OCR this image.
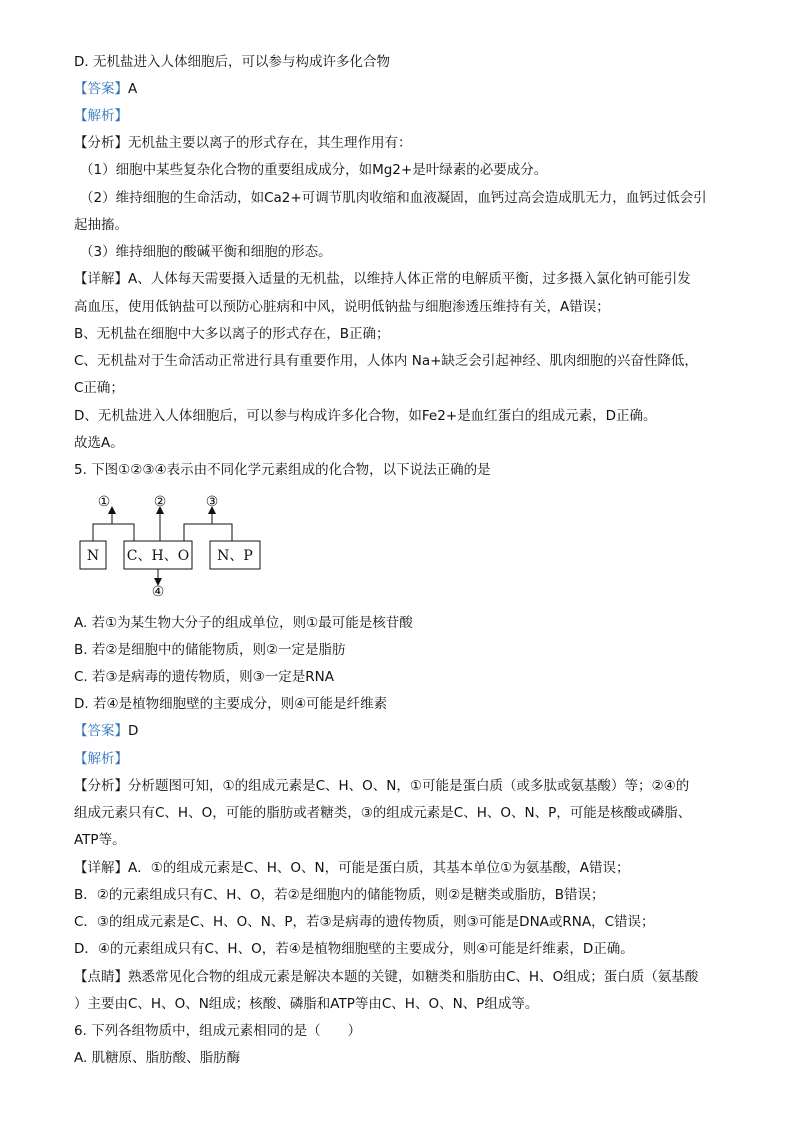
D. 无机盐进入人体细胞后，可以参与构成许多化合物
【答案】A
【解析】
【分析】无机盐主要以离子的形式存在，其生理作用有：
（1）细胞中某些复杂化合物的重要组成成分，如Mg2+是叶绿素的必要成分。
（2）维持细胞的生命活动，如Ca2+可调节肌肉收缩和血液凝固，血钙过高会造成肌无力，血钙过低会引
起抽搐。
（3）维持细胞的酸碱平衡和细胞的形态。
【详解】A、人体每天需要摄入适量的无机盐，以维持人体正常的电解质平衡，过多摄入氯化钠可能引发
高血压，使用低钠盐可以预防心脏病和中风，说明低钠盐与细胞渗透压维持有关，A错误；
B、无机盐在细胞中大多以离子的形式存在，B正确；
C、无机盐对于生命活动正常进行具有重要作用，人体内 Na+缺乏会引起神经、肌肉细胞的兴奋性降低，
C正确；
D、无机盐进入人体细胞后，可以参与构成许多化合物，如Fe2+是血红蛋白的组成元素，D正确。
故选A。
5. 下图①②③④表示由不同化学元素组成的化合物，以下说法正确的是
①	②	③
④
N C、H、O N、P
A. 若①为某生物大分子的组成单位，则①最可能是核苷酸
B. 若②是细胞中的储能物质，则②一定是脂肪
C. 若③是病毒的遗传物质，则③一定是RNA
D. 若④是植物细胞壁的主要成分，则④可能是纤维素
【答案】D
【解析】
【分析】分析题图可知，①的组成元素是C、H、O、N，①可能是蛋白质（或多肽或氨基酸）等；②④的
组成元素只有C、H、O，可能的脂肪或者糖类，③的组成元素是C、H、O、N、P，可能是核酸或磷脂、
ATP等。
【详解】A．①的组成元素是C、H、O、N，可能是蛋白质，其基本单位①为氨基酸，A错误；
B．②的元素组成只有C、H、O，若②是细胞内的储能物质，则②是糖类或脂肪，B错误；
C．③的组成元素是C、H、O、N、P，若③是病毒的遗传物质，则③可能是DNA或RNA，C错误；
D．④的元素组成只有C、H、O，若④是植物细胞壁的主要成分，则④可能是纤维素，D正确。
【点睛】熟悉常见化合物的组成元素是解决本题的关键，如糖类和脂肪由C、H、O组成；蛋白质（氨基酸
）主要由C、H、O、N组成；核酸、磷脂和ATP等由C、H、O、N、P组成等。
6. 下列各组物质中，组成元素相同的是（　　）
A. 肌糖原、脂肪酸、脂肪酶
